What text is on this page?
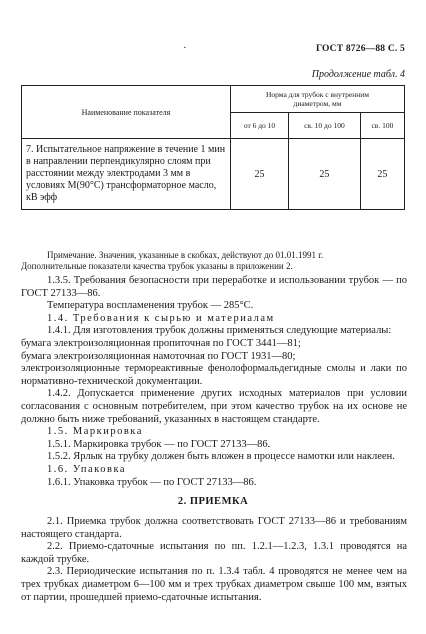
·	ГОСТ 8726—88 С. 5
Продолжение табл. 4
Наименование показателя	Норма для трубок с внутренним диаметром, мм		
	от 6 до 10	св. 10 до 100	св. 100
7. Испытательное напряжение в течение 1 мин в направлении перпендикулярно слоям при расстоянии между электродами 3 мм в условиях М(90°С) трансформаторное масло, кВ эфф	25	25	25
Примечание. Значения, указанные в скобках, действуют до 01.01.1991 г.
Дополнительные показатели качества трубок указаны в приложении 2.

1.3.5. Требования безопасности при переработке и использовании трубок — по ГОСТ 27133—86.

Температура воспламенения трубок — 285°С.

1.4. Требования к сырью и материалам

1.4.1. Для изготовления трубок должны применяться следующие материалы:

бумага электроизоляционная пропиточная по ГОСТ 3441—81;

бумага электроизоляционная намоточная по ГОСТ 1931—80;

электроизоляционные термореактивные фенолоформальдегидные смолы и лаки по нормативно-технической документации.

1.4.2. Допускается применение других исходных материалов при условии согласования с основным потребителем, при этом качество трубок на их основе не должно быть ниже требований, указанных в настоящем стандарте.

1.5. Маркировка

1.5.1. Маркировка трубок — по ГОСТ 27133—86.

1.5.2. Ярлык на трубку должен быть вложен в процессе намотки или наклеен.

1.6. Упаковка

1.6.1. Упаковка трубок — по ГОСТ 27133—86.

2. ПРИЕМКА

2.1. Приемка трубок должна соответствовать ГОСТ 27133—86 и требованиям настоящего стандарта.

2.2. Приемо-сдаточные испытания по пп. 1.2.1—1.2.3, 1.3.1 проводятся на каждой трубке.

2.3. Периодические испытания по п. 1.3.4 табл. 4 проводятся не менее чем на трех трубках диаметром 6—100 мм и трех трубках диаметром свыше 100 мм, взятых от партии, прошедшей приемо-сдаточные испытания.
